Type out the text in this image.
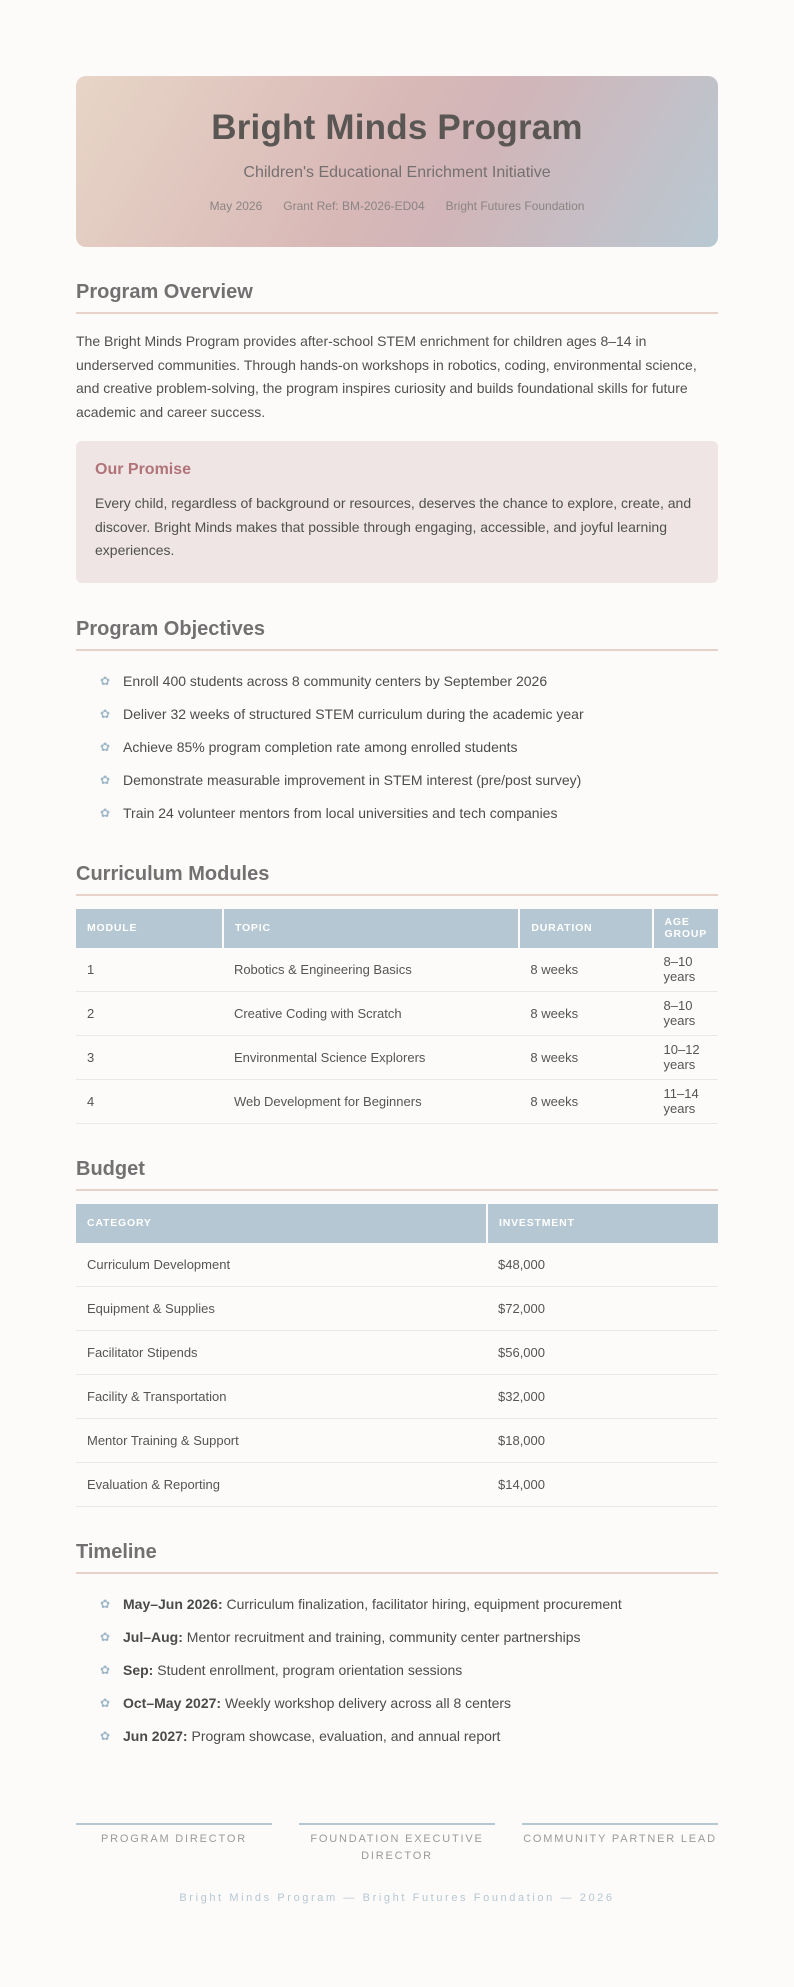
Bright Minds Program
Children's Educational Enrichment Initiative
May 2026 Grant Ref: BM-2026-ED04 Bright Futures Foundation
Program Overview

The Bright Minds Program provides after-school STEM enrichment for children ages 8–14 in underserved communities. Through hands-on workshops in robotics, coding, environmental science, and creative problem-solving, the program inspires curiosity and builds foundational skills for future academic and career success.

Our Promise

Every child, regardless of background or resources, deserves the chance to explore, create, and discover. Bright Minds makes that possible through engaging, accessible, and joyful learning experiences.

Program Objectives
✿ Enroll 400 students across 8 community centers by September 2026
✿ Deliver 32 weeks of structured STEM curriculum during the academic year
✿ Achieve 85% program completion rate among enrolled students
✿ Demonstrate measurable improvement in STEM interest (pre/post survey)
✿ Train 24 volunteer mentors from local universities and tech companies
Curriculum Modules
MODULE	TOPIC	DURATION	AGE GROUP
1	Robotics & Engineering Basics	8 weeks	8–10 years
2	Creative Coding with Scratch	8 weeks	8–10 years
3	Environmental Science Explorers	8 weeks	10–12 years
4	Web Development for Beginners	8 weeks	11–14 years
Budget
CATEGORY	INVESTMENT
Curriculum Development	$48,000
Equipment & Supplies	$72,000
Facilitator Stipends	$56,000
Facility & Transportation	$32,000
Mentor Training & Support	$18,000
Evaluation & Reporting	$14,000
Timeline
✿ May–Jun 2026: Curriculum finalization, facilitator hiring, equipment procurement
✿ Jul–Aug: Mentor recruitment and training, community center partnerships
✿ Sep: Student enrollment, program orientation sessions
✿ Oct–May 2027: Weekly workshop delivery across all 8 centers
✿ Jun 2027: Program showcase, evaluation, and annual report
PROGRAM DIRECTOR	FOUNDATION EXECUTIVE DIRECTOR
COMMUNITY PARTNER LEAD
Bright Minds Program — Bright Futures Foundation — 2026
